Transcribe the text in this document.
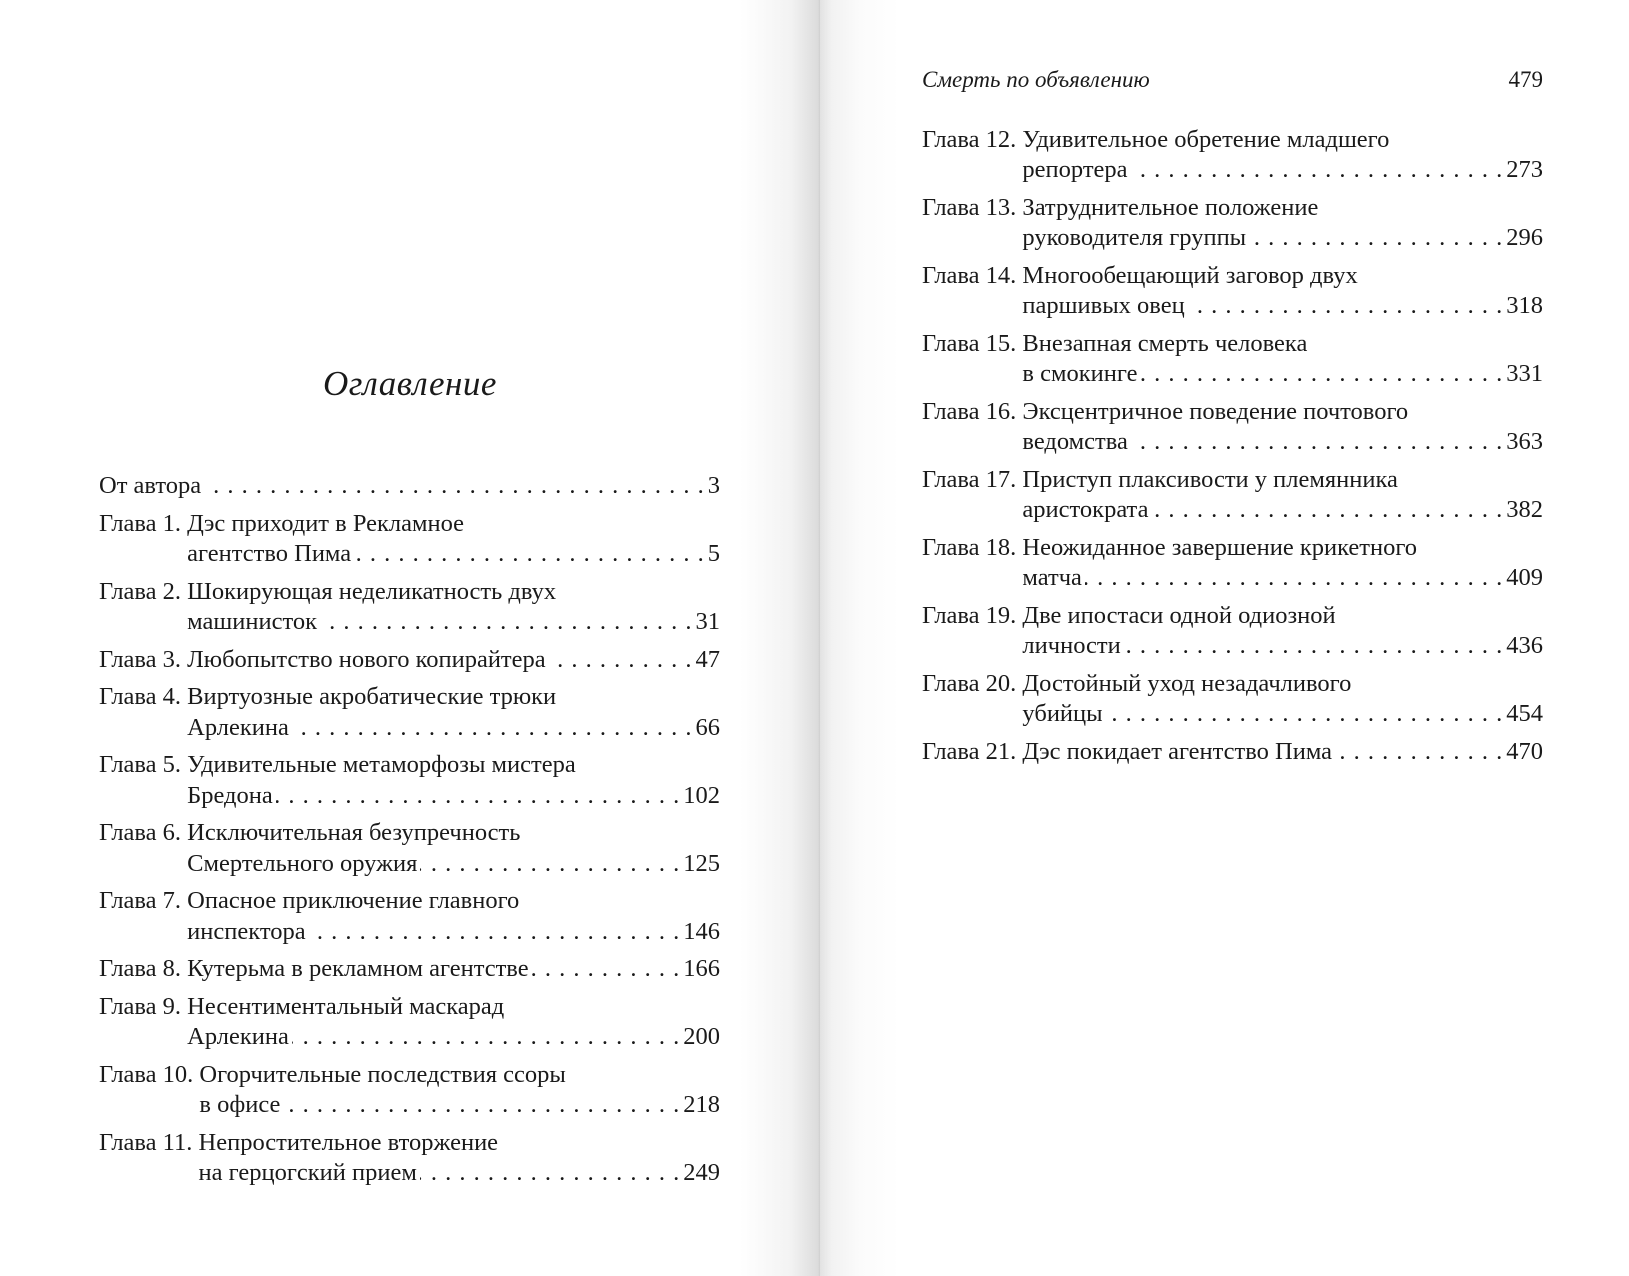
Оглавление
От автора . . .	3
Глава 1. Дэс приходит в Рекламное
агентство Пима . . .	5
Глава 2. Шокирующая неделикатность двух
машинисток . . .	31
Глава 3. Любопытство нового копирайтера . . .	47
Глава 4. Виртуозные акробатические трюки
Арлекина . . .	66
Глава 5. Удивительные метаморфозы мистера
Бредона . . .	102
Глава 6. Исключительная безупречность
Смертельного оружия . . .	125
Глава 7. Опасное приключение главного
инспектора . . .	146
Глава 8. Кутерьма в рекламном агентстве . . .	166
Глава 9. Несентиментальный маскарад
Арлекина . . .	200
Глава 10. Огорчительные последствия ссоры
в офисе . . .	218
Глава 11. Непростительное вторжение
на герцогский прием . . .	249
Смерть по объявлению	479
Глава 12. Удивительное обретение младшего
репортера . . .	273
Глава 13. Затруднительное положение
руководителя группы . . .	296
Глава 14. Многообещающий заговор двух
паршивых овец . . .	318
Глава 15. Внезапная смерть человека
в смокинге . . .	331
Глава 16. Эксцентричное поведение почтового
ведомства . . .	363
Глава 17. Приступ плаксивости у племянника
аристократа . . .	382
Глава 18. Неожиданное завершение крикетного
матча . . .	409
Глава 19. Две ипостаси одной одиозной
личности . . .	436
Глава 20. Достойный уход незадачливого
убийцы . . .	454
Глава 21. Дэс покидает агентство Пима . . .	470
